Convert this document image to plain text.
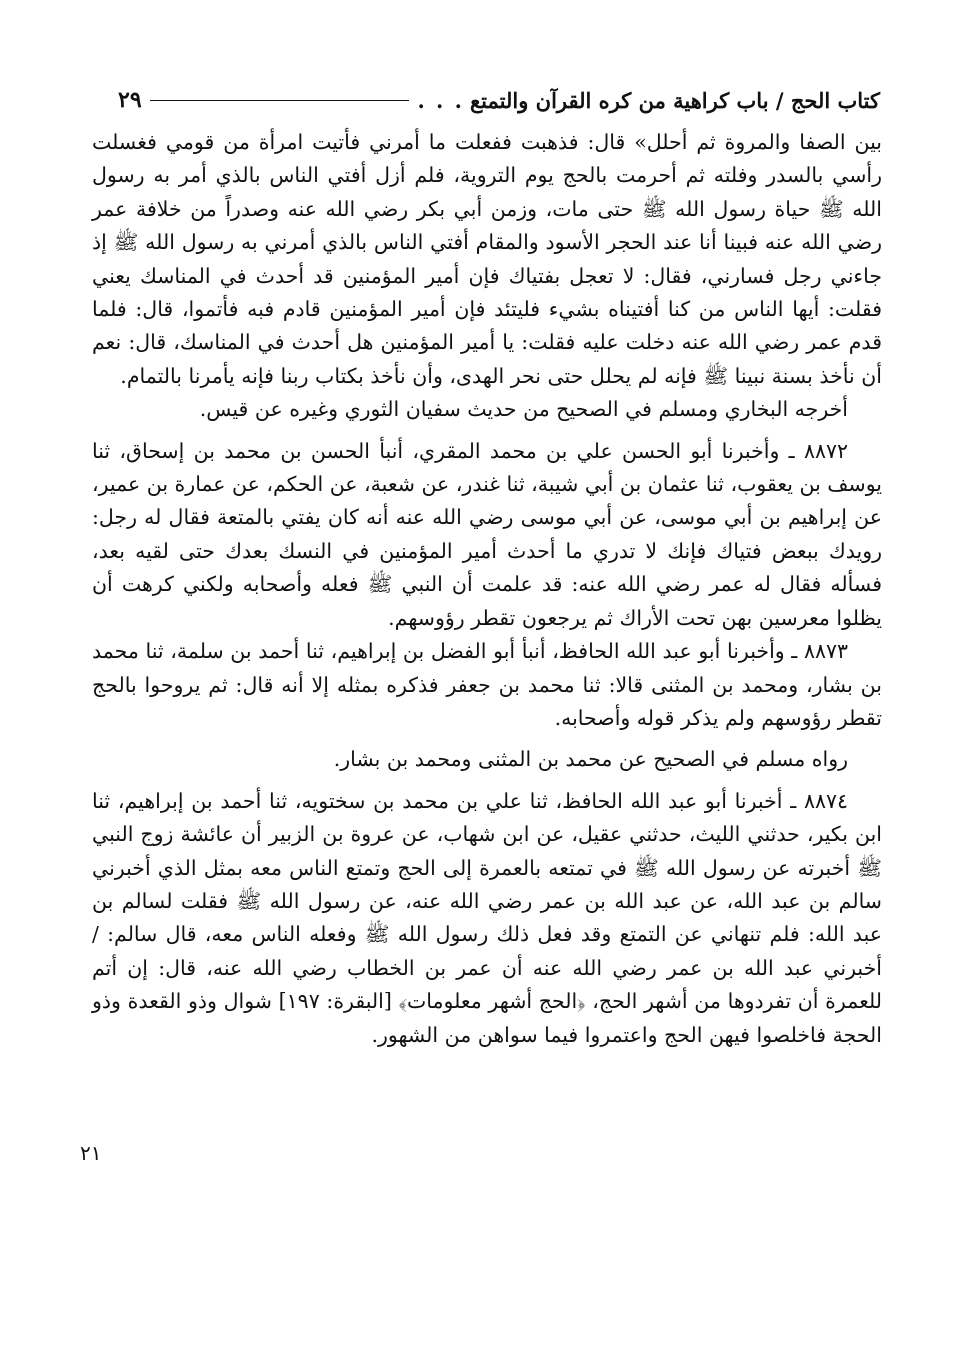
كتاب الحج / باب كراهية من كره القرآن والتمتع
. . .
٢٩

بين الصفا والمروة ثم أحلل» قال: فذهبت ففعلت ما أمرني فأتيت امرأة من قومي فغسلت رأسي بالسدر وفلته ثم أحرمت بالحج يوم التروية، فلم أزل أفتي الناس بالذي أمر به رسول الله ﷺ حياة رسول الله ﷺ حتى مات، وزمن أبي بكر رضي الله عنه وصدراً من خلافة عمر رضي الله عنه فبينا أنا عند الحجر الأسود والمقام أفتي الناس بالذي أمرني به رسول الله ﷺ إذ جاءني رجل فسارني، فقال: لا تعجل بفتياك فإن أمير المؤمنين قد أحدث في المناسك يعني فقلت: أيها الناس من كنا أفتيناه بشيء فليتئد فإن أمير المؤمنين قادم فبه فأتموا، قال: فلما قدم عمر رضي الله عنه دخلت عليه فقلت: يا أمير المؤمنين هل أحدث في المناسك، قال: نعم أن نأخذ بسنة نبينا ﷺ فإنه لم يحلل حتى نحر الهدى، وأن نأخذ بكتاب ربنا فإنه يأمرنا بالتمام.

أخرجه البخاري ومسلم في الصحيح من حديث سفيان الثوري وغيره عن قيس.

٨٨٧٢ ـ وأخبرنا أبو الحسن علي بن محمد المقري، أنبأ الحسن بن محمد بن إسحاق، ثنا يوسف بن يعقوب، ثنا عثمان بن أبي شيبة، ثنا غندر، عن شعبة، عن الحكم، عن عمارة بن عمير، عن إبراهيم بن أبي موسى، عن أبي موسى رضي الله عنه أنه كان يفتي بالمتعة فقال له رجل: رويدك ببعض فتياك فإنك لا تدري ما أحدث أمير المؤمنين في النسك بعدك حتى لقيه بعد، فسأله فقال له عمر رضي الله عنه: قد علمت أن النبي ﷺ فعله وأصحابه ولكني كرهت أن يظلوا معرسين بهن تحت الأراك ثم يرجعون تقطر رؤوسهم.

٨٨٧٣ ـ وأخبرنا أبو عبد الله الحافظ، أنبأ أبو الفضل بن إبراهيم، ثنا أحمد بن سلمة، ثنا محمد بن بشار، ومحمد بن المثنى قالا: ثنا محمد بن جعفر فذكره بمثله إلا أنه قال: ثم يروحوا بالحج تقطر رؤوسهم ولم يذكر قوله وأصحابه.

رواه مسلم في الصحيح عن محمد بن المثنى ومحمد بن بشار.

٨٨٧٤ ـ أخبرنا أبو عبد الله الحافظ، ثنا علي بن محمد بن سختويه، ثنا أحمد بن إبراهيم، ثنا ابن بكير، حدثني الليث، حدثني عقيل، عن ابن شهاب، عن عروة بن الزبير أن عائشة زوج النبي ﷺ أخبرته عن رسول الله ﷺ في تمتعه بالعمرة إلى الحج وتمتع الناس معه بمثل الذي أخبرني سالم بن عبد الله، عن عبد الله بن عمر رضي الله عنه، عن رسول الله ﷺ فقلت لسالم بن عبد الله: فلم تنهاني عن التمتع وقد فعل ذلك رسول الله ﷺ وفعله الناس معه، قال سالم: / أخبرني عبد الله بن عمر رضي الله عنه أن عمر بن الخطاب رضي الله عنه، قال: إن أتم للعمرة أن تفردوها من أشهر الحج، ﴿الحج أشهر معلومات﴾ [البقرة: ١٩٧] شوال وذو القعدة وذو الحجة فاخلصوا فيهن الحج واعتمروا فيما سواهن من الشهور.

٢١
